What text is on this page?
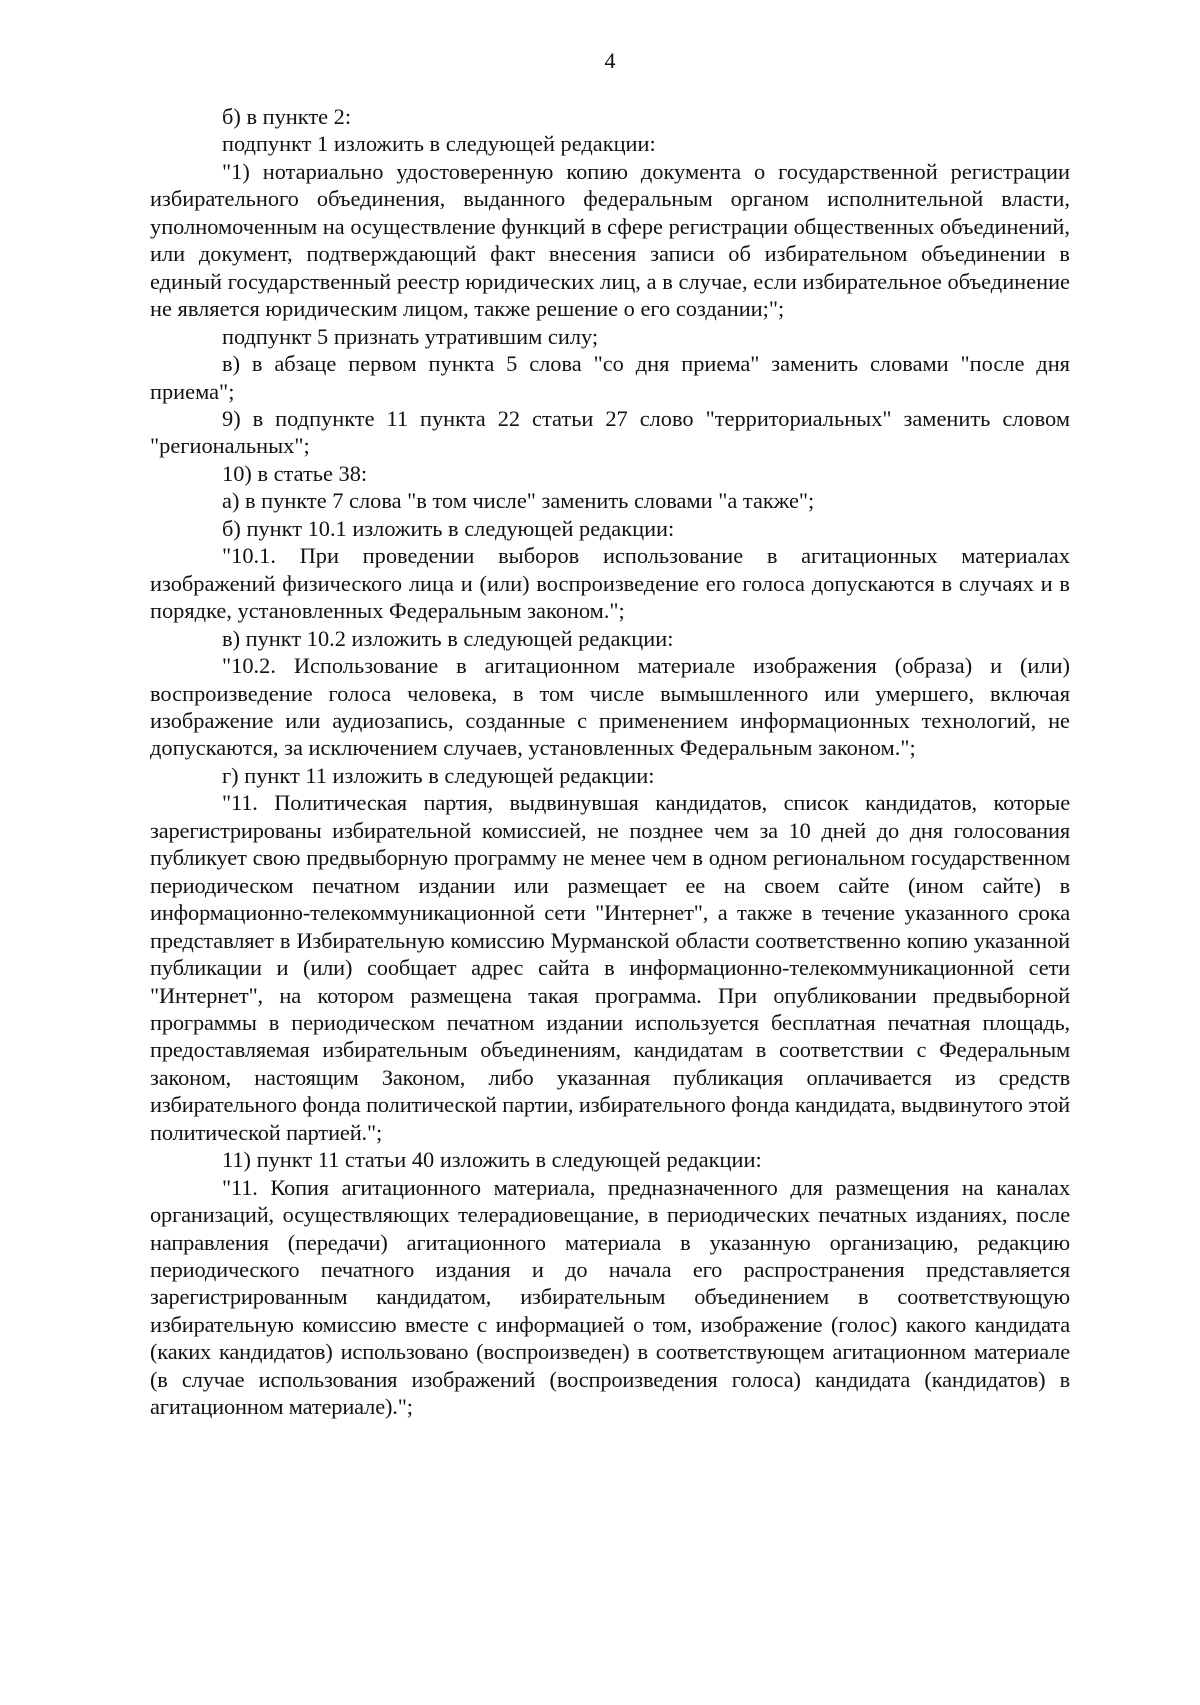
4

б) в пункте 2:

подпункт 1 изложить в следующей редакции:

"1) нотариально удостоверенную копию документа о государственной регистрации избирательного объединения, выданного федеральным органом исполнительной власти, уполномоченным на осуществление функций в сфере регистрации общественных объединений, или документ, подтверждающий факт внесения записи об избирательном объединении в единый государственный реестр юридических лиц, а в случае, если избирательное объединение не является юридическим лицом, также решение о его создании;";

подпункт 5 признать утратившим силу;

в) в абзаце первом пункта 5 слова "со дня приема" заменить словами "после дня приема";

9) в подпункте 11 пункта 22 статьи 27 слово "территориальных" заменить словом "региональных";

10) в статье 38:

а) в пункте 7 слова "в том числе" заменить словами "а также";

б) пункт 10.1 изложить в следующей редакции:

"10.1. При проведении выборов использование в агитационных материалах изображений физического лица и (или) воспроизведение его голоса допускаются в случаях и в порядке, установленных Федеральным законом.";

в) пункт 10.2 изложить в следующей редакции:

"10.2. Использование в агитационном материале изображения (образа) и (или) воспроизведение голоса человека, в том числе вымышленного или умершего, включая изображение или аудиозапись, созданные с применением информационных технологий, не допускаются, за исключением случаев, установленных Федеральным законом.";

г) пункт 11 изложить в следующей редакции:

"11. Политическая партия, выдвинувшая кандидатов, список кандидатов, которые зарегистрированы избирательной комиссией, не позднее чем за 10 дней до дня голосования публикует свою предвыборную программу не менее чем в одном региональном государственном периодическом печатном издании или размещает ее на своем сайте (ином сайте) в информационно-телекоммуникационной сети "Интернет", а также в течение указанного срока представляет в Избирательную комиссию Мурманской области соответственно копию указанной публикации и (или) сообщает адрес сайта в информационно-телекоммуникационной сети "Интернет", на котором размещена такая программа. При опубликовании предвыборной программы в периодическом печатном издании используется бесплатная печатная площадь, предоставляемая избирательным объединениям, кандидатам в соответствии с Федеральным законом, настоящим Законом, либо указанная публикация оплачивается из средств избирательного фонда политической партии, избирательного фонда кандидата, выдвинутого этой политической партией.";

11) пункт 11 статьи 40 изложить в следующей редакции:

"11. Копия агитационного материала, предназначенного для размещения на каналах организаций, осуществляющих телерадиовещание, в периодических печатных изданиях, после направления (передачи) агитационного материала в указанную организацию, редакцию периодического печатного издания и до начала его распространения представляется зарегистрированным кандидатом, избирательным объединением в соответствующую избирательную комиссию вместе с информацией о том, изображение (голос) какого кандидата (каких кандидатов) использовано (воспроизведен) в соответствующем агитационном материале (в случае использования изображений (воспроизведения голоса) кандидата (кандидатов) в агитационном материале).";
